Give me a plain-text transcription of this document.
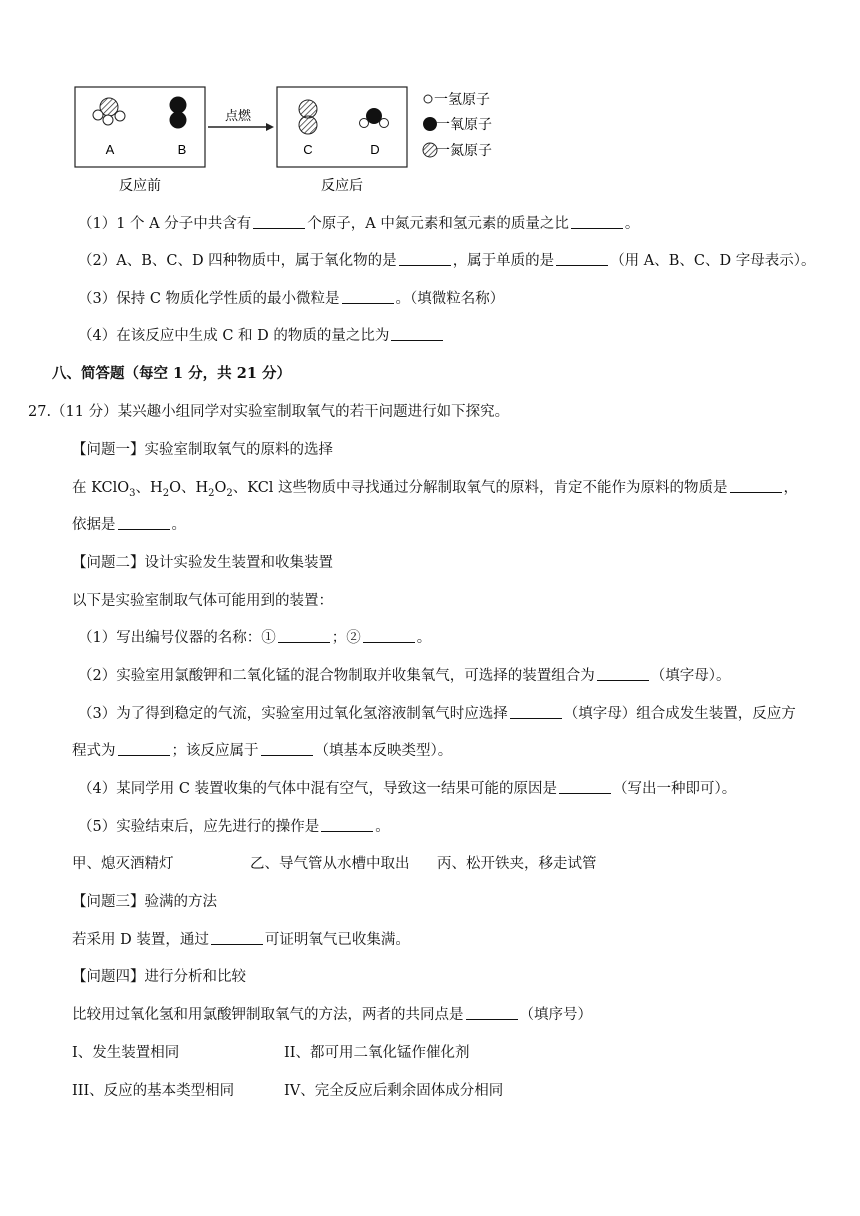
A	B
点燃
C	D
反应前	反应后
一氢原子
一氧原子
一氮原子
（1）1 个 A 分子中共含有	个原子，A 中氮元素和氢元素的质量之比	。
（2）A、B、C、D 四种物质中，属于氧化物的是	，属于单质的是	（用 A、B、C、D 字母表示）。
（3）保持 C 物质化学性质的最小微粒是	。（填微粒名称）
（4）在该反应中生成 C 和 D 的物质的量之比为
八、简答题（每空 1 分，共 21 分）
27.（11 分）某兴趣小组同学对实验室制取氧气的若干问题进行如下探究。
【问题一】实验室制取氧气的原料的选择
在 KClO$_3$、$H_2O$、$H_2O_2$、KCl 这些物质中寻找通过分解制取氧气的原料，肯定不能作为原料的物质是	，
依据是	。
【问题二】设计实验发生装置和收集装置
以下是实验室制取气体可能用到的装置：
（1）写出编号仪器的名称：①	；②	。
（2）实验室用氯酸钾和二氧化锰的混合物制取并收集氧气，可选择的装置组合为	（填字母）。
（3）为了得到稳定的气流，实验室用过氧化氢溶液制氧气时应选择	（填字母）组合成发生装置，反应方
程式为	；该反应属于	（填基本反映类型）。
（4）某同学用 C 装置收集的气体中混有空气，导致这一结果可能的原因是	（写出一种即可）。
（5）实验结束后，应先进行的操作是	。
甲、熄灭酒精灯	乙、导气管从水槽中取出 丙、松开铁夹，移走试管
【问题三】验满的方法
若采用 D 装置，通过	可证明氧气已收集满。
【问题四】进行分析和比较
比较用过氧化氢和用氯酸钾制取氧气的方法，两者的共同点是	（填序号）
I、发生装置相同	II、都可用二氧化锰作催化剂
III、反应的基本类型相同	IV、完全反应后剩余固体成分相同
